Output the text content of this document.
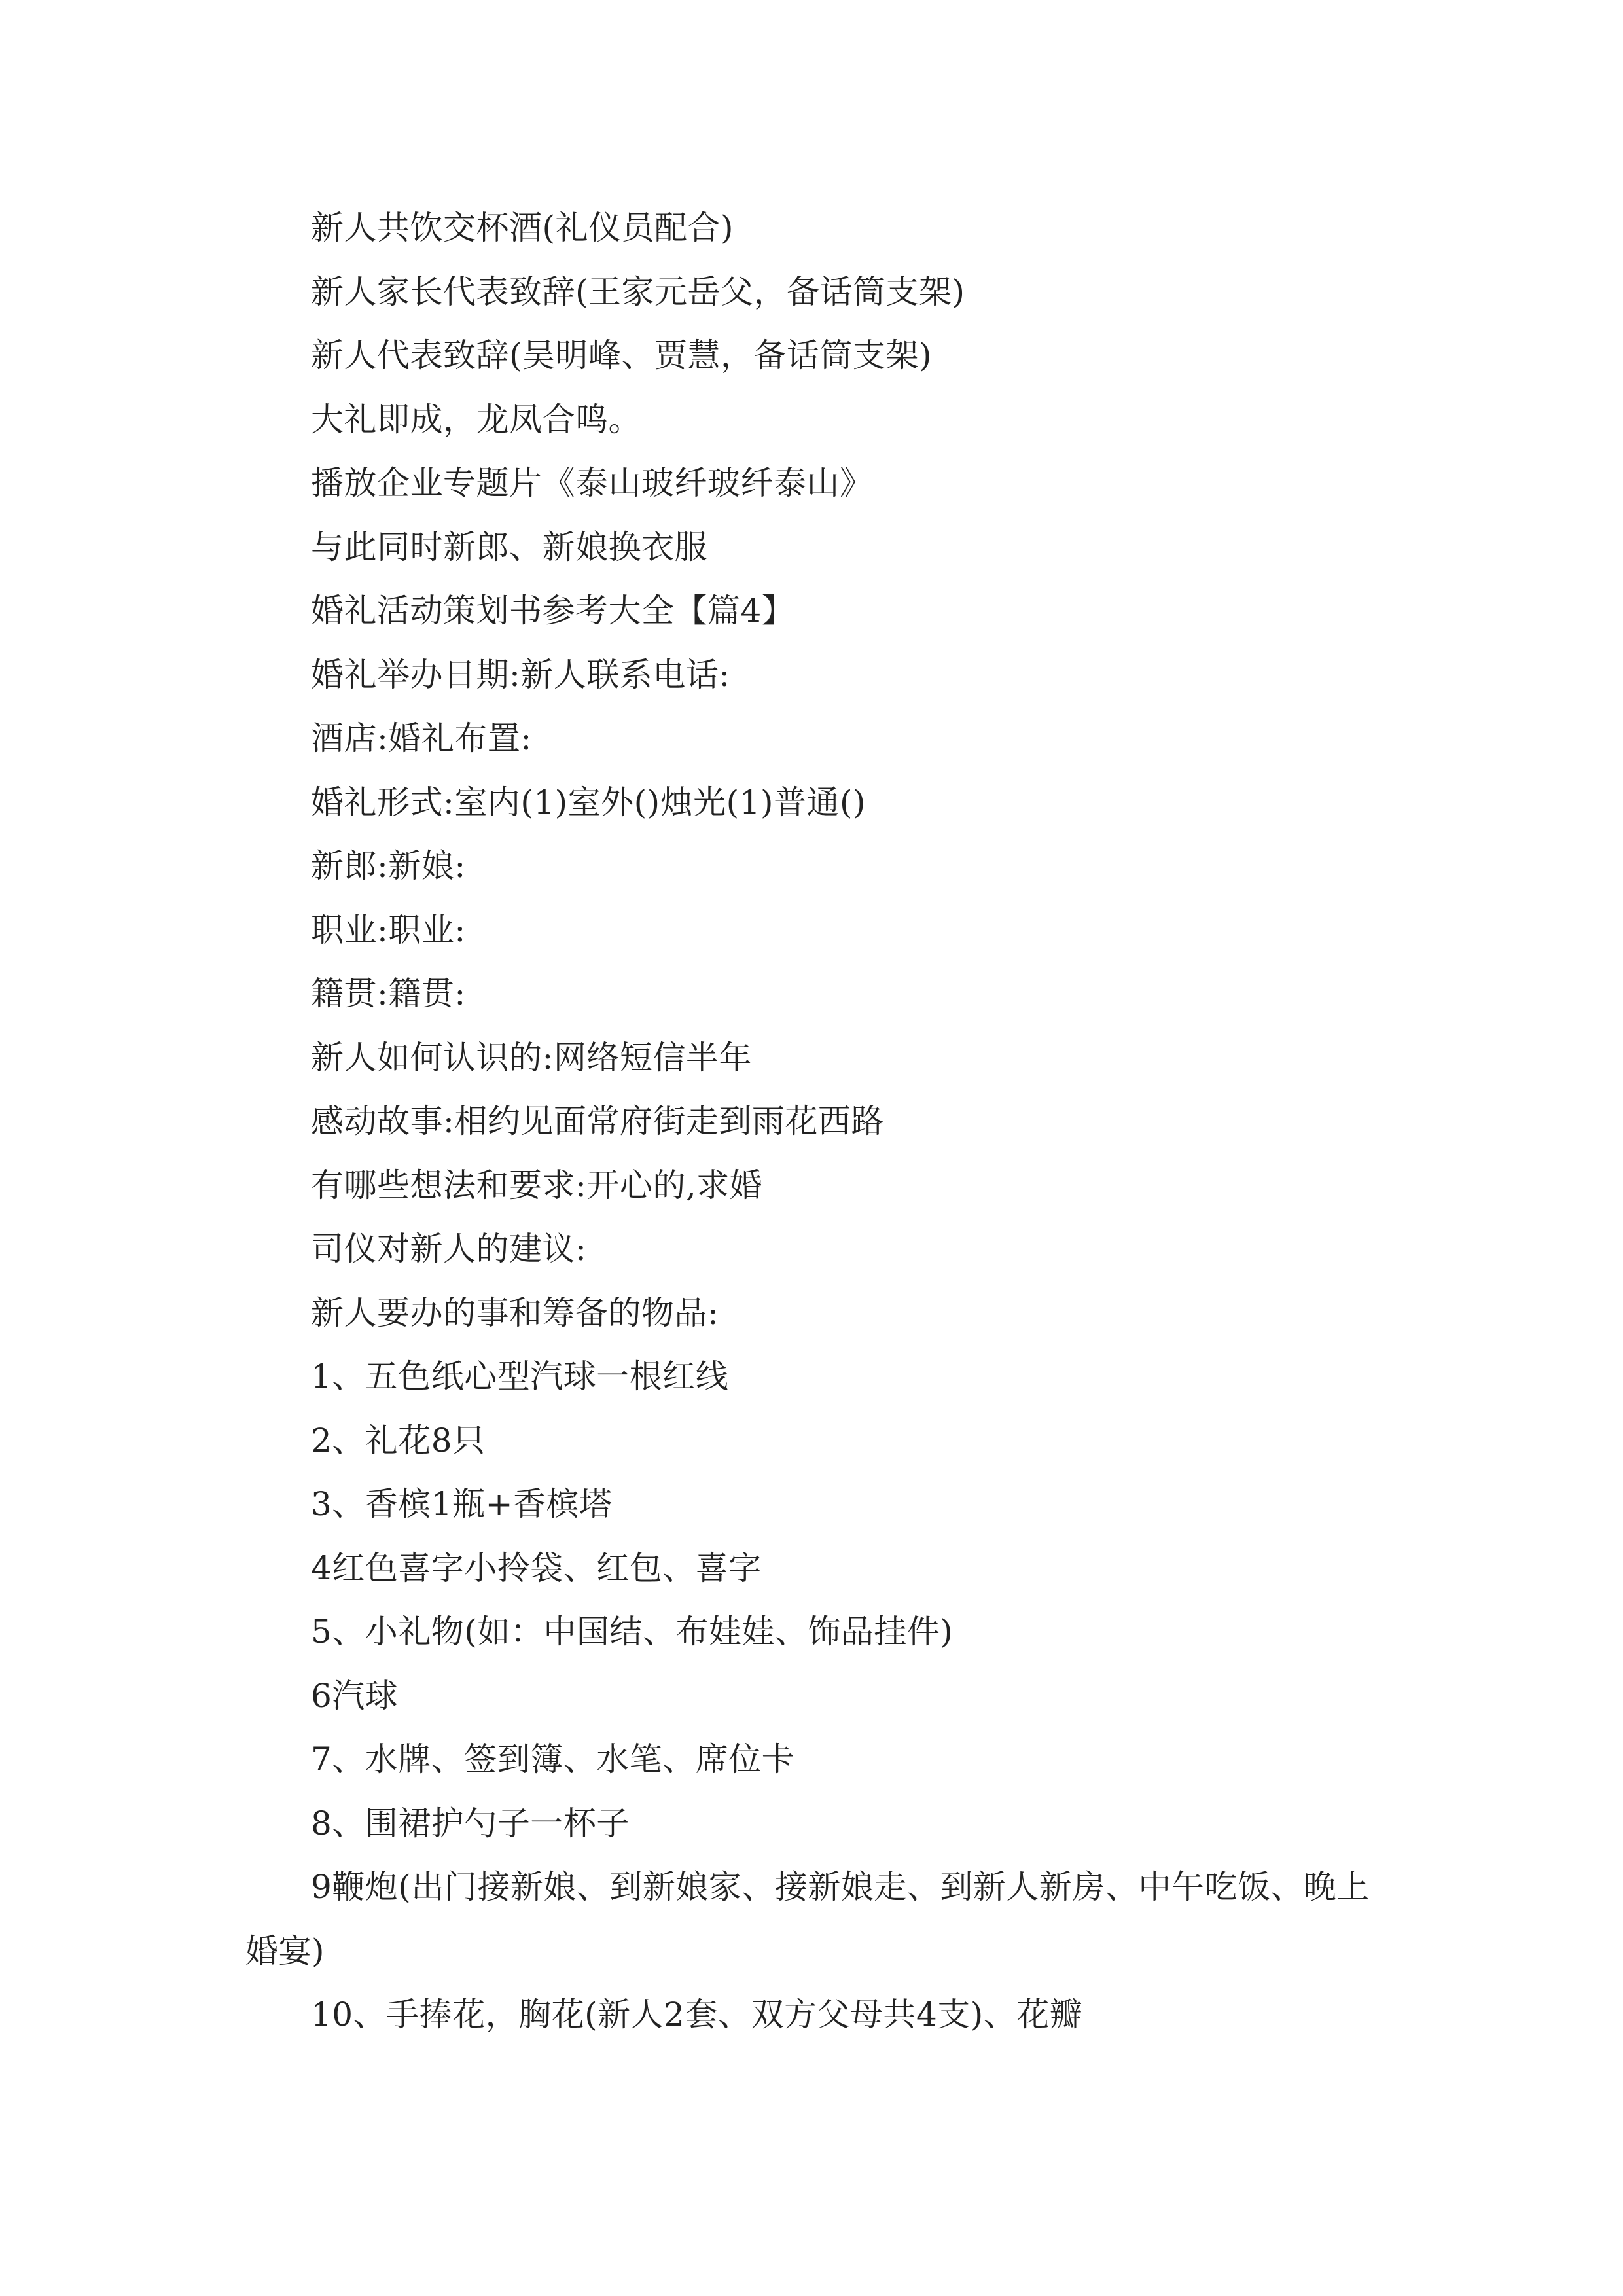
新人共饮交杯酒(礼仪员配合)

新人家长代表致辞(王家元岳父，备话筒支架)

新人代表致辞(吴明峰、贾慧，备话筒支架)

大礼即成，龙凤合鸣。

播放企业专题片《泰山玻纤玻纤泰山》

与此同时新郎、新娘换衣服

婚礼活动策划书参考大全【篇4】

婚礼举办日期:新人联系电话:

酒店:婚礼布置:

婚礼形式:室内(1)室外()烛光(1)普通()

新郎:新娘:

职业:职业:

籍贯:籍贯:

新人如何认识的:网络短信半年

感动故事:相约见面常府街走到雨花西路

有哪些想法和要求:开心的,求婚

司仪对新人的建议:

新人要办的事和筹备的物品:

1、五色纸心型汽球一根红线

2、礼花8只

3、香槟1瓶+香槟塔

4红色喜字小拎袋、红包、喜字

5、小礼物(如：中国结、布娃娃、饰品挂件)

6汽球

7、水牌、签到簿、水笔、席位卡

8、围裙护勺子一杯子

9鞭炮(出门接新娘、到新娘家、接新娘走、到新人新房、中午吃饭、晚上婚宴)

10、手捧花，胸花(新人2套、双方父母共4支)、花瓣
